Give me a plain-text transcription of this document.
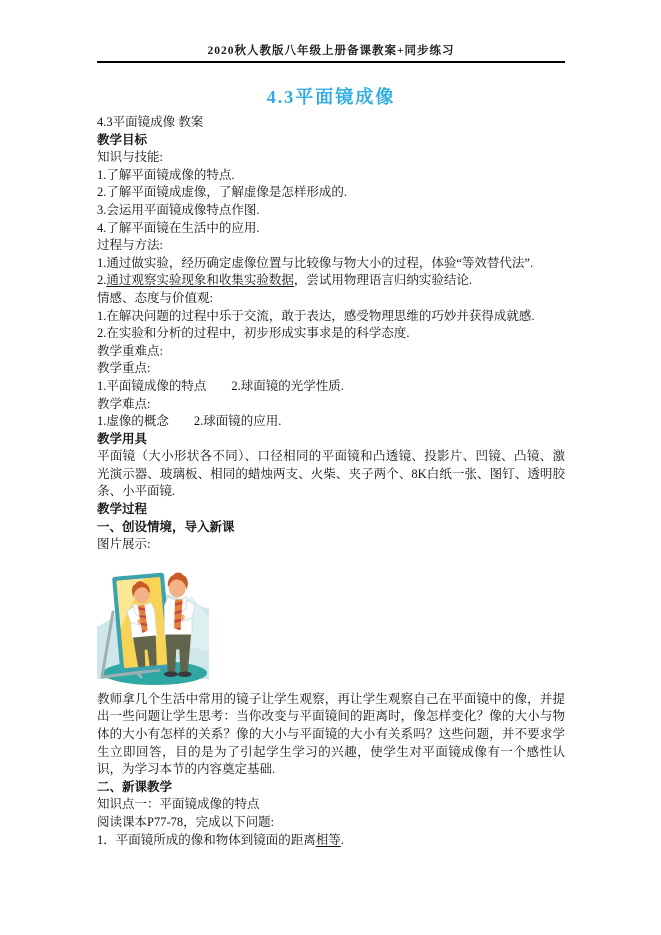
2020秋人教版八年级上册备课教案+同步练习
4.3平面镜成像
4.3平面镜成像 教案
教学目标
知识与技能:
1.了解平面镜成像的特点.
2.了解平面镜成虚像，了解虚像是怎样形成的.
3.会运用平面镜成像特点作图.
4.了解平面镜在生活中的应用.
过程与方法:

1.通过做实验，经历确定虚像位置与比较像与物大小的过程，体验“等效替代法”.

2.通过观察实验现象和收集实验数据，尝试用物理语言归纳实验结论.

情感、态度与价值观:

1.在解决问题的过程中乐于交流，敢于表达，感受物理思维的巧妙并获得成就感.

2.在实验和分析的过程中，初步形成实事求是的科学态度.

教学重难点:
教学重点:
1.平面镜成像的特点　　2.球面镜的光学性质.
教学难点:
1.虚像的概念　　2.球面镜的应用.
教学用具

平面镜（大小形状各不同）、口径相同的平面镜和凸透镜、投影片、凹镜、凸镜、激光演示器、玻璃板、相同的蜡烛两支、火柴、夹子两个、8K白纸一张、图钉、透明胶条、小平面镜.

教学过程
一、创设情境，导入新课
图片展示:

教师拿几个生活中常用的镜子让学生观察，再让学生观察自己在平面镜中的像，并提出一些问题让学生思考：当你改变与平面镜间的距离时，像怎样变化？像的大小与物体的大小有怎样的关系？像的大小与平面镜的大小有关系吗？这些问题，并不要求学生立即回答，目的是为了引起学生学习的兴趣，使学生对平面镜成像有一个感性认识，为学习本节的内容奠定基础.

二、新课教学
知识点一：平面镜成像的特点
阅读课本P77-78，完成以下问题:

1．平面镜所成的像和物体到镜面的距离相等.
